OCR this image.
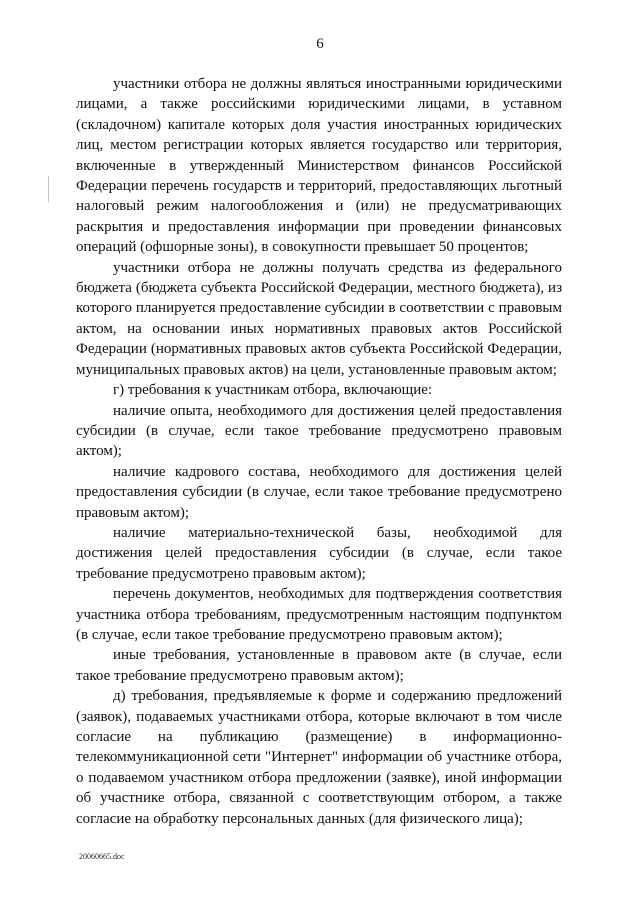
6

участники отбора не должны являться иностранными юридическими лицами, а также российскими юридическими лицами, в уставном (складочном) капитале которых доля участия иностранных юридических лиц, местом регистрации которых является государство или территория, включенные в утвержденный Министерством финансов Российской Федерации перечень государств и территорий, предоставляющих льготный налоговый режим налогообложения и (или) не предусматривающих раскрытия и предоставления информации при проведении финансовых операций (офшорные зоны), в совокупности превышает 50 процентов;

участники отбора не должны получать средства из федерального бюджета (бюджета субъекта Российской Федерации, местного бюджета), из которого планируется предоставление субсидии в соответствии с правовым актом, на основании иных нормативных правовых актов Российской Федерации (нормативных правовых актов субъекта Российской Федерации, муниципальных правовых актов) на цели, установленные правовым актом;

г) требования к участникам отбора, включающие:

наличие опыта, необходимого для достижения целей предоставления субсидии (в случае, если такое требование предусмотрено правовым актом);

наличие кадрового состава, необходимого для достижения целей предоставления субсидии (в случае, если такое требование предусмотрено правовым актом);

наличие материально-технической базы, необходимой для достижения целей предоставления субсидии (в случае, если такое требование предусмотрено правовым актом);

перечень документов, необходимых для подтверждения соответствия участника отбора требованиям, предусмотренным настоящим подпунктом (в случае, если такое требование предусмотрено правовым актом);

иные требования, установленные в правовом акте (в случае, если такое требование предусмотрено правовым актом);

д) требования, предъявляемые к форме и содержанию предложений (заявок), подаваемых участниками отбора, которые включают в том числе согласие на публикацию (размещение) в информационно-телекоммуникационной сети "Интернет" информации об участнике отбора, о подаваемом участником отбора предложении (заявке), иной информации об участнике отбора, связанной с соответствующим отбором, а также согласие на обработку персональных данных (для физического лица);

20060665.doc
